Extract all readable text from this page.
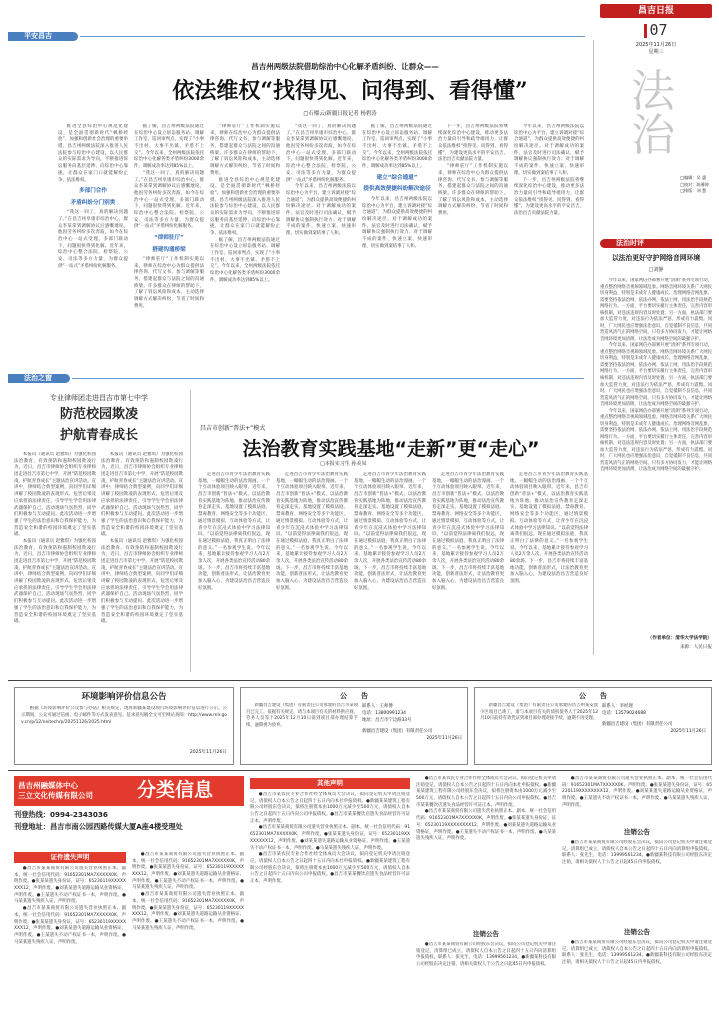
昌吉日报
07
2025年11月26日
星期三
平安昌吉
昌吉州两级法院借助综治中心化解矛盾纠纷、让群众——
依法维权“找得见、问得到、看得懂”
□石榴云/新疆日报记者 杨碧涛

推进全县综治中心规范化建设，是全面贯彻新时代“枫桥经验”、加强和创新社会治理的重要举措。昌吉州两级法院深入推进人民法院参与综治中心建设，以人民群众的实际需求为导向，不断推进诉讼服务向基层延伸、向综治中心靠拢，让群众在家门口就能解纷止争、依法维权。

多部门合作
矛盾纠纷分门别类

“我这一回了，真的解决问题了。”在昌吉州阜康市综治中心，群众李某拿到调解协议后感慨地说。他因劳务纠纷多次奔波，如今在综治中心一站式受理、多部门联动下，问题很快得到化解。近年来，综治中心整合法院、检察院、公安、司法等多方力量，为群众提供“一站式”矛盾纠纷化解服务。

据了解，昌吉州两级法院通过在综治中心设立诉讼服务站、调解工作室、巡回审判点，实现了“小事不出村、大事不出镇、矛盾不上交”。今年以来，全州两级法院依托综治中心化解各类矛盾纠纷3000余件，调解成功率达到85%以上。

“我这一回了，真的解决问题了。”在昌吉州阜康市综治中心，群众李某拿到调解协议后感慨地说。他因劳务纠纷多次奔波，如今在综治中心一站式受理、多部门联动下，问题很快得到化解。近年来，综治中心整合法院、检察院、公安、司法等多方力量，为群众提供“一站式”矛盾纠纷化解服务。

“律师驻厅”
搭建沟通桥梁

“律师驻厅”工作机制实施以来，律师在综治中心为群众提供法律咨询、代写文书、参与调解等服务，搭建起群众与法院之间的沟通桥梁。许多群众在律师的帮助下，了解了诉讼风险和成本，主动选择调解方式解决纠纷，节省了时间和费用。

“律师驻厅”工作机制实施以来，律师在综治中心为群众提供法律咨询、代写文书、参与调解等服务，搭建起群众与法院之间的沟通桥梁。许多群众在律师的帮助下，了解了诉讼风险和成本，主动选择调解方式解决纠纷，节省了时间和费用。

推进全县综治中心规范化建设，是全面贯彻新时代“枫桥经验”、加强和创新社会治理的重要举措。昌吉州两级法院深入推进人民法院参与综治中心建设，以人民群众的实际需求为导向，不断推进诉讼服务向基层延伸、向综治中心靠拢，让群众在家门口就能解纷止争、依法维权。

据了解，昌吉州两级法院通过在综治中心设立诉讼服务站、调解工作室、巡回审判点，实现了“小事不出村、大事不出镇、矛盾不上交”。今年以来，全州两级法院依托综治中心化解各类矛盾纠纷3000余件，调解成功率达到85%以上。

“我这一回了，真的解决问题了。”在昌吉州阜康市综治中心，群众李某拿到调解协议后感慨地说。他因劳务纠纷多次奔波，如今在综治中心一站式受理、多部门联动下，问题很快得到化解。近年来，综治中心整合法院、检察院、公安、司法等多方力量，为群众提供“一站式”矛盾纠纷化解服务。

今年以来，昌吉州两级法院以综治中心为平台，建立诉调对接“综合通道”，为群众提供高效便捷的纠纷解决途径。对于调解成功的案件，法官及时进行司法确认，赋予调解协议强制执行效力；对于调解不成的案件，快速立案、快速审理，切实做到案结事了人和。

据了解，昌吉州两级法院通过在综治中心设立诉讼服务站、调解工作室、巡回审判点，实现了“小事不出村、大事不出镇、矛盾不上交”。今年以来，全州两级法院依托综治中心化解各类矛盾纠纷3000余件，调解成功率达到85%以上。

建立“综合通道”
提供高效便捷纠纷解决途径

今年以来，昌吉州两级法院以综治中心为平台，建立诉调对接“综合通道”，为群众提供高效便捷的纠纷解决途径。对于调解成功的案件，法官及时进行司法确认，赋予调解协议强制执行效力；对于调解不成的案件，快速立案、快速审理，切实做到案结事了人和。

下一步，昌吉州两级法院将继续深化综治中心建设，推动更多法治力量向引导和疏导端用力，让群众依法维权“找得见、问得到、看得懂”，为建设更高水平的平安昌吉、法治昌吉贡献法院力量。

“律师驻厅”工作机制实施以来，律师在综治中心为群众提供法律咨询、代写文书、参与调解等服务，搭建起群众与法院之间的沟通桥梁。许多群众在律师的帮助下，了解了诉讼风险和成本，主动选择调解方式解决纠纷，节省了时间和费用。

今年以来，昌吉州两级法院以综治中心为平台，建立诉调对接“综合通道”，为群众提供高效便捷的纠纷解决途径。对于调解成功的案件，法官及时进行司法确认，赋予调解协议强制执行效力；对于调解不成的案件，快速立案、快速审理，切实做到案结事了人和。

下一步，昌吉州两级法院将继续深化综治中心建设，推动更多法治力量向引导和疏导端用力，让群众依法维权“找得见、问得到、看得懂”，为建设更高水平的平安昌吉、法治昌吉贡献法院力量。

法
治
□编辑：吴 惠
□校对：陈雅婷
□排版：刘 慧
法治时评
以法治更好守护网络音网环境
□刘静

今年以来，国家网信办部署开展“清朗”系列专项行动，重点整治网络音视频领域乱象。网络音网环境关系广大网民切身利益，特别是未成年人健康成长。治理网络音网乱象，需要坚持依法治网、依法办网、依法上网，用法治手段规范网络行为。一方面，平台要切实履行主体责任，完善内容审核机制，对违法违规内容及时处置；另一方面，执法部门要加大监管力度，对违法行为依法严惩，形成有力震慑。同时，广大网民也应增强法治意识，自觉抵制不良信息，共同营造风清气正的网络空间。只有多方协同发力，才能让网络音网环境更加清朗，让法治成为网络空间的最强守护。

今年以来，国家网信办部署开展“清朗”系列专项行动，重点整治网络音视频领域乱象。网络音网环境关系广大网民切身利益，特别是未成年人健康成长。治理网络音网乱象，需要坚持依法治网、依法办网、依法上网，用法治手段规范网络行为。一方面，平台要切实履行主体责任，完善内容审核机制，对违法违规内容及时处置；另一方面，执法部门要加大监管力度，对违法行为依法严惩，形成有力震慑。同时，广大网民也应增强法治意识，自觉抵制不良信息，共同营造风清气正的网络空间。只有多方协同发力，才能让网络音网环境更加清朗，让法治成为网络空间的最强守护。

今年以来，国家网信办部署开展“清朗”系列专项行动，重点整治网络音视频领域乱象。网络音网环境关系广大网民切身利益，特别是未成年人健康成长。治理网络音网乱象，需要坚持依法治网、依法办网、依法上网，用法治手段规范网络行为。一方面，平台要切实履行主体责任，完善内容审核机制，对违法违规内容及时处置；另一方面，执法部门要加大监管力度，对违法行为依法严惩，形成有力震慑。同时，广大网民也应增强法治意识，自觉抵制不良信息，共同营造风清气正的网络空间。只有多方协同发力，才能让网络音网环境更加清朗，让法治成为网络空间的最强守护。

（作者单位：清华大学法学院）
来源：人民日报
法治之窗
专业律师团走进昌吉市第七中学
防范校园欺凌
护航青春成长

本报讯（通讯员 赵雅琪）为强化校园法治教育，有效预防和遏制校园欺凌行为，近日，昌吉市律师协会组织专业律师团走进昌吉市第七中学，开展“防范校园欺凌，护航青春成长”主题法治宣讲活动。宣讲中，律师结合典型案例，向同学们详细讲解了校园欺凌的表现形式、危害后果及应承担的法律责任，引导学生学会用法律武器保护自己。活动现场气氛热烈，同学们积极参与互动提问。此次活动进一步增强了学生的法治意识和自我保护能力，为营造安全和谐的校园环境奠定了坚实基础。

本报讯（通讯员 赵雅琪）为强化校园法治教育，有效预防和遏制校园欺凌行为，近日，昌吉市律师协会组织专业律师团走进昌吉市第七中学，开展“防范校园欺凌，护航青春成长”主题法治宣讲活动。宣讲中，律师结合典型案例，向同学们详细讲解了校园欺凌的表现形式、危害后果及应承担的法律责任，引导学生学会用法律武器保护自己。活动现场气氛热烈，同学们积极参与互动提问。此次活动进一步增强了学生的法治意识和自我保护能力，为营造安全和谐的校园环境奠定了坚实基础。

本报讯（通讯员 赵雅琪）为强化校园法治教育，有效预防和遏制校园欺凌行为，近日，昌吉市律师协会组织专业律师团走进昌吉市第七中学，开展“防范校园欺凌，护航青春成长”主题法治宣讲活动。宣讲中，律师结合典型案例，向同学们详细讲解了校园欺凌的表现形式、危害后果及应承担的法律责任，引导学生学会用法律武器保护自己。活动现场气氛热烈，同学们积极参与互动提问。此次活动进一步增强了学生的法治意识和自我保护能力，为营造安全和谐的校园环境奠定了坚实基础。

本报讯（通讯员 赵雅琪）为强化校园法治教育，有效预防和遏制校园欺凌行为，近日，昌吉市律师协会组织专业律师团走进昌吉市第七中学，开展“防范校园欺凌，护航青春成长”主题法治宣讲活动。宣讲中，律师结合典型案例，向同学们详细讲解了校园欺凌的表现形式、危害后果及应承担的法律责任，引导学生学会用法律武器保护自己。活动现场气氛热烈，同学们积极参与互动提问。此次活动进一步增强了学生的法治意识和自我保护能力，为营造安全和谐的校园环境奠定了坚实基础。

昌吉市创新“普法+”模式
法治教育实践基地“走新”更“走心”
□本报实习生 孙美凤

走进昌吉市青少年法治教育实践基地，一幅幅生动的法治漫画、一个个互动体验项目映入眼帘。近年来，昌吉市创新“普法+”模式，以法治教育实践基地为阵地，推动法治宣传教育走深走实。基地设置了模拟法庭、禁毒教育、网络安全等多个功能区，通过情景模拟、互动体验等方式，让青少年在沉浸式体验中学习法律知识。“以前觉得法律离我们很远，现在通过模拟法庭，我真正明白了法律的意义。”一名参观学生说。今年以来，基地累计接待参观学习人员2万余人次，开展各类法治宣传活动80余场。下一步，昌吉市将持续丰富基地功能，创新普法形式，让法治教育更加入脑入心，为建设法治昌吉营造良好氛围。

走进昌吉市青少年法治教育实践基地，一幅幅生动的法治漫画、一个个互动体验项目映入眼帘。近年来，昌吉市创新“普法+”模式，以法治教育实践基地为阵地，推动法治宣传教育走深走实。基地设置了模拟法庭、禁毒教育、网络安全等多个功能区，通过情景模拟、互动体验等方式，让青少年在沉浸式体验中学习法律知识。“以前觉得法律离我们很远，现在通过模拟法庭，我真正明白了法律的意义。”一名参观学生说。今年以来，基地累计接待参观学习人员2万余人次，开展各类法治宣传活动80余场。下一步，昌吉市将持续丰富基地功能，创新普法形式，让法治教育更加入脑入心，为建设法治昌吉营造良好氛围。

走进昌吉市青少年法治教育实践基地，一幅幅生动的法治漫画、一个个互动体验项目映入眼帘。近年来，昌吉市创新“普法+”模式，以法治教育实践基地为阵地，推动法治宣传教育走深走实。基地设置了模拟法庭、禁毒教育、网络安全等多个功能区，通过情景模拟、互动体验等方式，让青少年在沉浸式体验中学习法律知识。“以前觉得法律离我们很远，现在通过模拟法庭，我真正明白了法律的意义。”一名参观学生说。今年以来，基地累计接待参观学习人员2万余人次，开展各类法治宣传活动80余场。下一步，昌吉市将持续丰富基地功能，创新普法形式，让法治教育更加入脑入心，为建设法治昌吉营造良好氛围。

走进昌吉市青少年法治教育实践基地，一幅幅生动的法治漫画、一个个互动体验项目映入眼帘。近年来，昌吉市创新“普法+”模式，以法治教育实践基地为阵地，推动法治宣传教育走深走实。基地设置了模拟法庭、禁毒教育、网络安全等多个功能区，通过情景模拟、互动体验等方式，让青少年在沉浸式体验中学习法律知识。“以前觉得法律离我们很远，现在通过模拟法庭，我真正明白了法律的意义。”一名参观学生说。今年以来，基地累计接待参观学习人员2万余人次，开展各类法治宣传活动80余场。下一步，昌吉市将持续丰富基地功能，创新普法形式，让法治教育更加入脑入心，为建设法治昌吉营造良好氛围。

走进昌吉市青少年法治教育实践基地，一幅幅生动的法治漫画、一个个互动体验项目映入眼帘。近年来，昌吉市创新“普法+”模式，以法治教育实践基地为阵地，推动法治宣传教育走深走实。基地设置了模拟法庭、禁毒教育、网络安全等多个功能区，通过情景模拟、互动体验等方式，让青少年在沉浸式体验中学习法律知识。“以前觉得法律离我们很远，现在通过模拟法庭，我真正明白了法律的意义。”一名参观学生说。今年以来，基地累计接待参观学习人员2万余人次，开展各类法治宣传活动80余场。下一步，昌吉市将持续丰富基地功能，创新普法形式，让法治教育更加入脑入心，为建设法治昌吉营造良好氛围。

环境影响评价信息公告

根据《环境影响评价公众参与办法》相关规定，现将新疆某建设项目环境影响评价信息进行公示。公示期间，公众可通过信函、电子邮件等方式发表意见。征求意见稿全文可至网站查阅：http://www.mlr.gov.cn/p/12/neitech/p/20251126/2025.html

2025年11月26日
公　　告

新疆昌吉建设（集团）有限责任公司承建的昌吉市某项目已完工，依据有关规定，请与本项目有关的材料供应商、劳务人员等于2025年12月10日前到项目部办理结算手续，逾期视为放弃。

联系人：王师傅
电话：13800991234
地址：昌吉市宁边路33号
新疆昌吉建设（集团）有限责任公司
2025年11月26日
公　　告

新疆昌吉建设（集团）有限责任公司承建的昌吉州某安置小区项目已竣工，请与本项目有关的债权债务人于2025年12月10日前持有效凭证到项目部办理对接手续，逾期不再受理。

联系人：李经理
电话：13579024688
新疆昌吉建设（集团）有限责任公司
2025年11月26日
昌吉州融媒体中心
三立文化传媒有限公司	分类信息
刊登热线：0994-2343036
刊登地址：昌吉市南公园西路传媒大厦A座4楼受理处
证件遗失声明

●昌吉市某某商贸有限公司遗失营业执照正本、副本，统一社会信用代码：91652301MA7XXXXX0K，声明作废。●张某某遗失身份证，证号：65230119XXXXXXXX12，声明作废。●刘某某遗失道路运输从业资格证，声明作废。●王某遗失不动产权证书一本，声明作废。●马某某遗失残疾人证，声明作废。

●昌吉市某某商贸有限公司遗失营业执照正本、副本，统一社会信用代码：91652301MA7XXXXX0K，声明作废。●张某某遗失身份证，证号：65230119XXXXXXXX12，声明作废。●刘某某遗失道路运输从业资格证，声明作废。●王某遗失不动产权证书一本，声明作废。●马某某遗失残疾人证，声明作废。

●昌吉市某某商贸有限公司遗失营业执照正本、副本，统一社会信用代码：91652301MA7XXXXX0K，声明作废。●张某某遗失身份证，证号：65230119XXXXXXXX12，声明作废。●刘某某遗失道路运输从业资格证，声明作废。●王某遗失不动产权证书一本，声明作废。●马某某遗失残疾人证，声明作废。

●昌吉市某某商贸有限公司遗失营业执照正本、副本，统一社会信用代码：91652301MA7XXXXX0K，声明作废。●张某某遗失身份证，证号：65230119XXXXXXXX12，声明作废。●刘某某遗失道路运输从业资格证，声明作废。●王某遗失不动产权证书一本，声明作废。●马某某遗失残疾人证，声明作废。

其他声明

●昌吉市某农民专业合作社经全体成员大会决议，拟向登记机关申请注销登记，请债权人自本公告之日起四十五日内向本社申报债权。●新疆某某建筑工程有限公司经股东会决议，拟将注册资本由1000万元减少至500万元，请债权人自本公告之日起四十五日内向公司申报债权。●昌吉市某某餐饮店遗失食品经营许可证正本，声明作废。

●昌吉市某某商贸有限公司遗失营业执照正本、副本，统一社会信用代码：91652301MA7XXXXX0K，声明作废。●张某某遗失身份证，证号：65230119XXXXXXXX12，声明作废。●刘某某遗失道路运输从业资格证，声明作废。●王某遗失不动产权证书一本，声明作废。●马某某遗失残疾人证，声明作废。

●昌吉市某农民专业合作社经全体成员大会决议，拟向登记机关申请注销登记，请债权人自本公告之日起四十五日内向本社申报债权。●新疆某某建筑工程有限公司经股东会决议，拟将注册资本由1000万元减少至500万元，请债权人自本公告之日起四十五日内向公司申报债权。●昌吉市某某餐饮店遗失食品经营许可证正本，声明作废。

●昌吉市某农民专业合作社经全体成员大会决议，拟向登记机关申请注销登记，请债权人自本公告之日起四十五日内向本社申报债权。●新疆某某建筑工程有限公司经股东会决议，拟将注册资本由1000万元减少至500万元，请债权人自本公告之日起四十五日内向公司申报债权。●昌吉市某某餐饮店遗失食品经营许可证正本，声明作废。

●昌吉市某某商贸有限公司遗失营业执照正本、副本，统一社会信用代码：91652301MA7XXXXX0K，声明作废。●张某某遗失身份证，证号：65230119XXXXXXXX12，声明作废。●刘某某遗失道路运输从业资格证，声明作废。●王某遗失不动产权证书一本，声明作废。●马某某遗失残疾人证，声明作废。

注销公告

●昌吉市某某商贸有限公司经股东会决议，拟向公司登记机关申请注销登记，清算组已成立，请债权人自本公告之日起四十五日内向清算组申报债权。联系人：张先生，电话：13999561234。●新疆某科技有限公司经股东决定注销，请相关债权人于公告之日起45日内申报债权。

●昌吉市某某商贸有限公司遗失营业执照正本、副本，统一社会信用代码：91652301MA7XXXXX0K，声明作废。●张某某遗失身份证，证号：65230119XXXXXXXX12，声明作废。●刘某某遗失道路运输从业资格证，声明作废。●王某遗失不动产权证书一本，声明作废。●马某某遗失残疾人证，声明作废。

注销公告

●昌吉市某某商贸有限公司经股东会决议，拟向公司登记机关申请注销登记，清算组已成立，请债权人自本公告之日起四十五日内向清算组申报债权。联系人：张先生，电话：13999561234。●新疆某科技有限公司经股东决定注销，请相关债权人于公告之日起45日内申报债权。

注销公告

●昌吉市某某商贸有限公司经股东会决议，拟向公司登记机关申请注销登记，清算组已成立，请债权人自本公告之日起四十五日内向清算组申报债权。联系人：张先生，电话：13999561234。●新疆某科技有限公司经股东决定注销，请相关债权人于公告之日起45日内申报债权。
